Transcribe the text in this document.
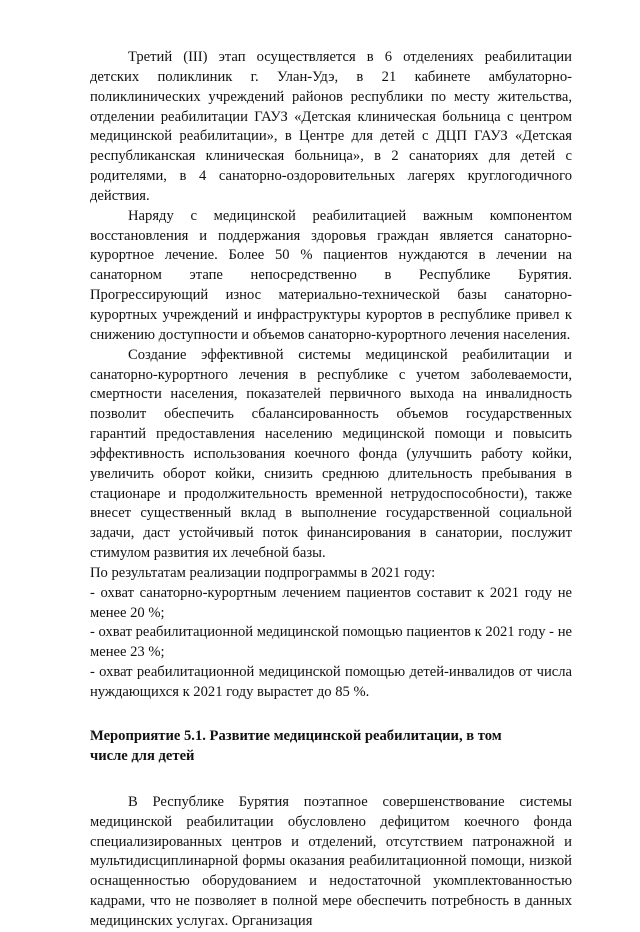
Третий (III) этап осуществляется в 6 отделениях реабилитации детских поликлиник г. Улан-Удэ, в 21 кабинете амбулаторно-поликлинических учреждений районов республики по месту жительства, отделении реабилитации ГАУЗ «Детская клиническая больница с центром медицинской реабилитации», в Центре для детей с ДЦП ГАУЗ «Детская республиканская клиническая больница», в 2 санаториях для детей с родителями, в 4 санаторно-оздоровительных лагерях круглогодичного действия.

Наряду с медицинской реабилитацией важным компонентом восстановления и поддержания здоровья граждан является санаторно-курортное лечение. Более 50 % пациентов нуждаются в лечении на санаторном этапе непосредственно в Республике Бурятия. Прогрессирующий износ материально-технической базы санаторно-курортных учреждений и инфраструктуры курортов в республике привел к снижению доступности и объемов санаторно-курортного лечения населения.

Создание эффективной системы медицинской реабилитации и санаторно-курортного лечения в республике с учетом заболеваемости, смертности населения, показателей первичного выхода на инвалидность позволит обеспечить сбалансированность объемов государственных гарантий предоставления населению медицинской помощи и повысить эффективность использования коечного фонда (улучшить работу койки, увеличить оборот койки, снизить среднюю длительность пребывания в стационаре и продолжительность временной нетрудоспособности), также внесет существенный вклад в выполнение государственной социальной задачи, даст устойчивый поток финансирования в санатории, послужит стимулом развития их лечебной базы.

По результатам реализации подпрограммы в 2021 году:

- охват санаторно-курортным лечением пациентов составит к 2021 году не менее 20 %;

- охват реабилитационной медицинской помощью пациентов к 2021 году - не менее 23 %;

- охват реабилитационной медицинской помощью детей-инвалидов от числа нуждающихся к 2021 году вырастет до 85 %.

Мероприятие 5.1. Развитие медицинской реабилитации, в том

числе для детей

В Республике Бурятия поэтапное совершенствование системы медицинской реабилитации обусловлено дефицитом коечного фонда специализированных центров и отделений, отсутствием патронажной и мультидисциплинарной формы оказания реабилитационной помощи, низкой оснащенностью оборудованием и недостаточной укомплектованностью кадрами, что не позволяет в полной мере обеспечить потребность в данных медицинских услугах. Организация
